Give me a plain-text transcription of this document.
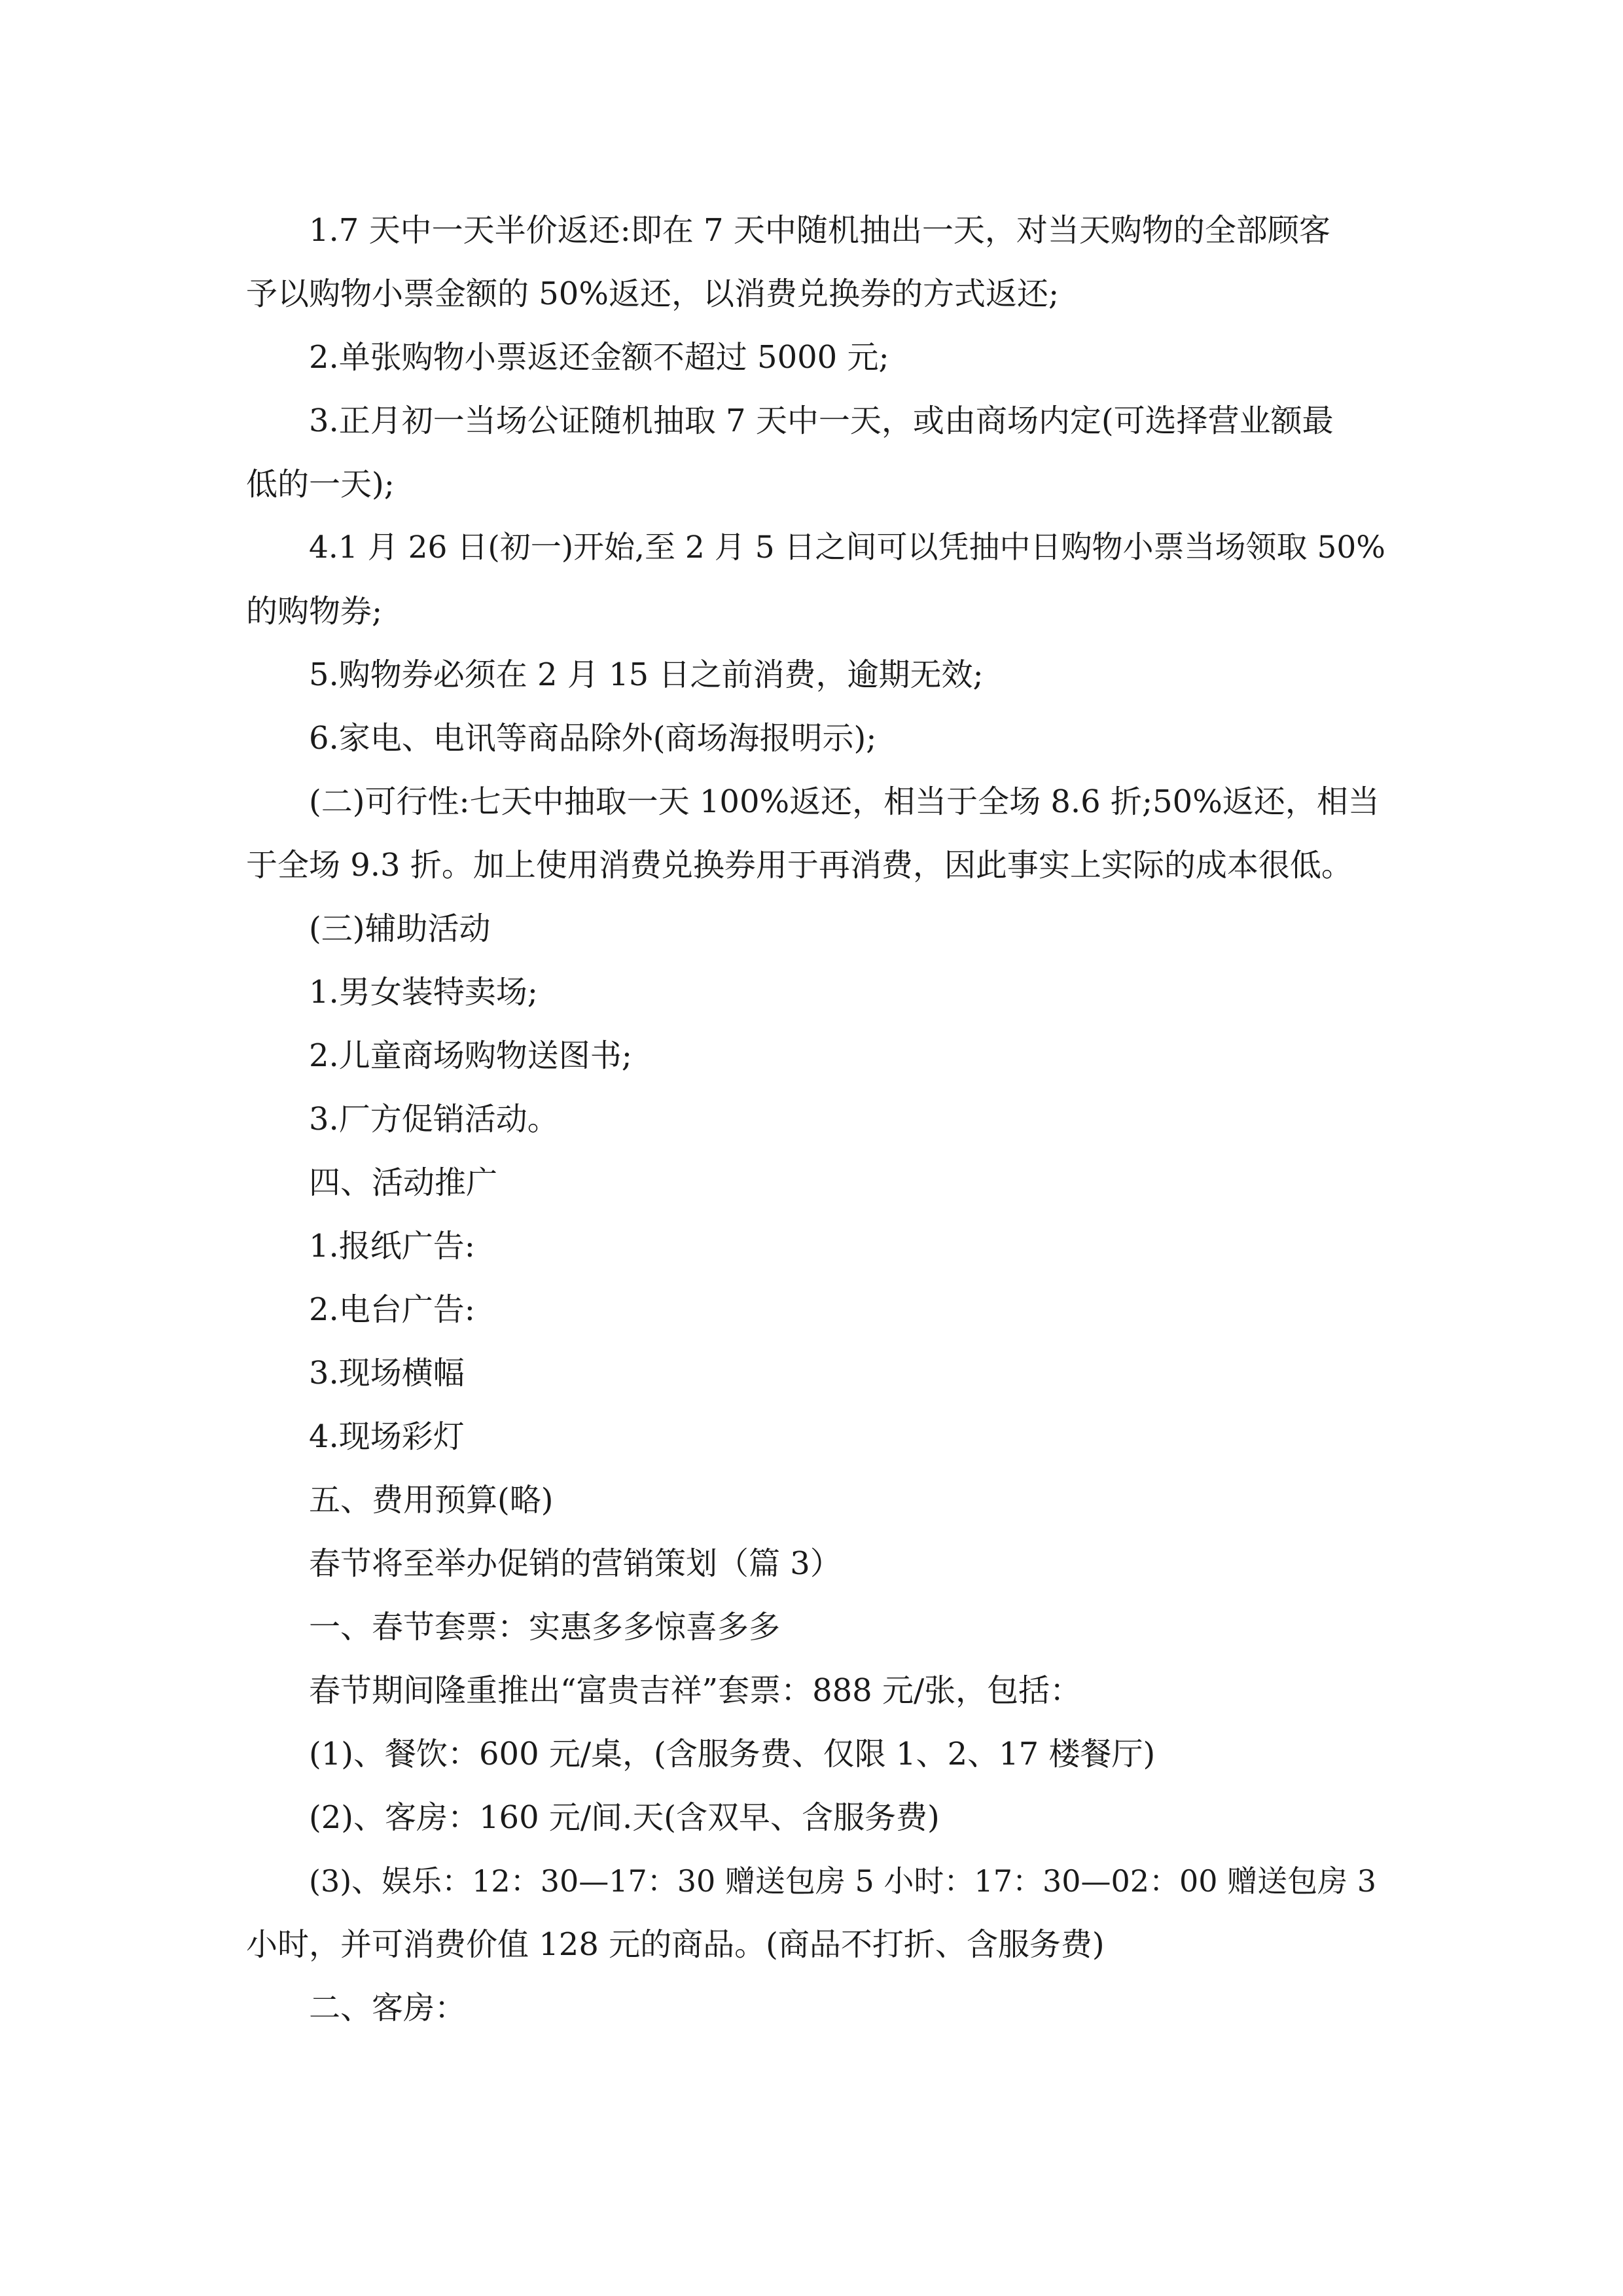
1.7 天中一天半价返还:即在 7 天中随机抽出一天，对当天购物的全部顾客
予以购物小票金额的 50%返还，以消费兑换券的方式返还;
2.单张购物小票返还金额不超过 5000 元;
3.正月初一当场公证随机抽取 7 天中一天，或由商场内定(可选择营业额最
低的一天);
4.1 月 26 日(初一)开始,至 2 月 5 日之间可以凭抽中日购物小票当场领取 50%
的购物券;
5.购物券必须在 2 月 15 日之前消费，逾期无效;
6.家电、电讯等商品除外(商场海报明示);
(二)可行性:七天中抽取一天 100%返还，相当于全场 8.6 折;50%返还，相当
于全场 9.3 折。加上使用消费兑换券用于再消费，因此事实上实际的成本很低。
(三)辅助活动
1.男女装特卖场;
2.儿童商场购物送图书;
3.厂方促销活动。
四、活动推广
1.报纸广告:
2.电台广告:
3.现场横幅
4.现场彩灯
五、费用预算(略)
春节将至举办促销的营销策划（篇 3）
一、春节套票：实惠多多惊喜多多
春节期间隆重推出“富贵吉祥”套票：888 元/张，包括：
(1)、餐饮：600 元/桌，(含服务费、仅限 1、2、17 楼餐厅)
(2)、客房：160 元/间.天(含双早、含服务费)
(3)、娱乐：12：30—17：30 赠送包房 5 小时：17：30—02：00 赠送包房 3
小时，并可消费价值 128 元的商品。(商品不打折、含服务费)
二、客房：
